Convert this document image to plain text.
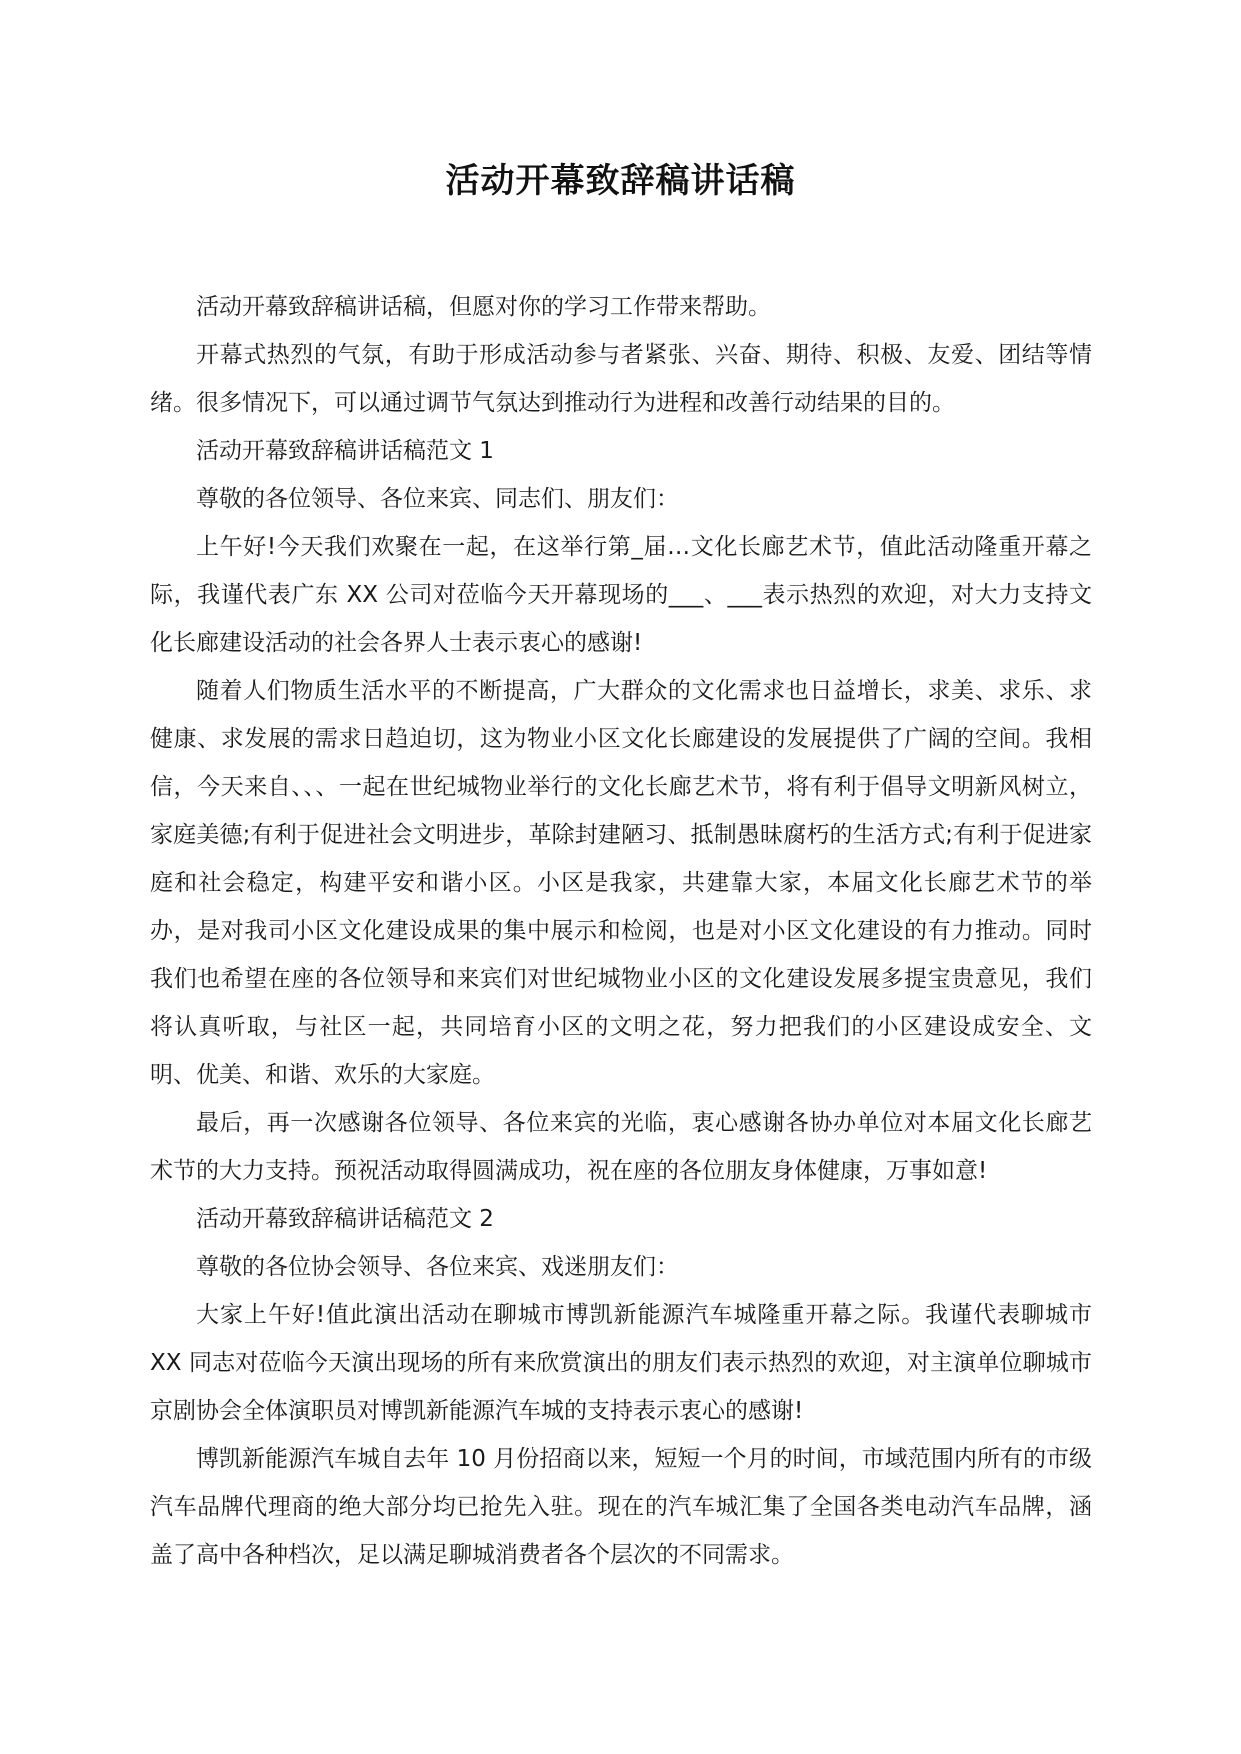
活动开幕致辞稿讲话稿

活动开幕致辞稿讲话稿，但愿对你的学习工作带来帮助。

开幕式热烈的气氛，有助于形成活动参与者紧张、兴奋、期待、积极、友爱、团结等情绪。很多情况下，可以通过调节气氛达到推动行为进程和改善行动结果的目的。

活动开幕致辞稿讲话稿范文 1

尊敬的各位领导、各位来宾、同志们、朋友们：

上午好!今天我们欢聚在一起，在这举行第_届…文化长廊艺术节，值此活动隆重开幕之际，我谨代表广东 XX 公司对莅临今天开幕现场的___、___表示热烈的欢迎，对大力支持文化长廊建设活动的社会各界人士表示衷心的感谢!

随着人们物质生活水平的不断提高，广大群众的文化需求也日益增长，求美、求乐、求健康、求发展的需求日趋迫切，这为物业小区文化长廊建设的发展提供了广阔的空间。我相信，今天来自、、、一起在世纪城物业举行的文化长廊艺术节，将有利于倡导文明新风树立，家庭美德;有利于促进社会文明进步，革除封建陋习、抵制愚昧腐朽的生活方式;有利于促进家庭和社会稳定，构建平安和谐小区。小区是我家，共建靠大家，本届文化长廊艺术节的举办，是对我司小区文化建设成果的集中展示和检阅，也是对小区文化建设的有力推动。同时我们也希望在座的各位领导和来宾们对世纪城物业小区的文化建设发展多提宝贵意见，我们将认真听取，与社区一起，共同培育小区的文明之花，努力把我们的小区建设成安全、文明、优美、和谐、欢乐的大家庭。

最后，再一次感谢各位领导、各位来宾的光临，衷心感谢各协办单位对本届文化长廊艺术节的大力支持。预祝活动取得圆满成功，祝在座的各位朋友身体健康，万事如意!

活动开幕致辞稿讲话稿范文 2

尊敬的各位协会领导、各位来宾、戏迷朋友们：

大家上午好!值此演出活动在聊城市博凯新能源汽车城隆重开幕之际。我谨代表聊城市 XX 同志对莅临今天演出现场的所有来欣赏演出的朋友们表示热烈的欢迎，对主演单位聊城市京剧协会全体演职员对博凯新能源汽车城的支持表示衷心的感谢!

博凯新能源汽车城自去年 10 月份招商以来，短短一个月的时间，市域范围内所有的市级汽车品牌代理商的绝大部分均已抢先入驻。现在的汽车城汇集了全国各类电动汽车品牌，涵盖了高中各种档次，足以满足聊城消费者各个层次的不同需求。
